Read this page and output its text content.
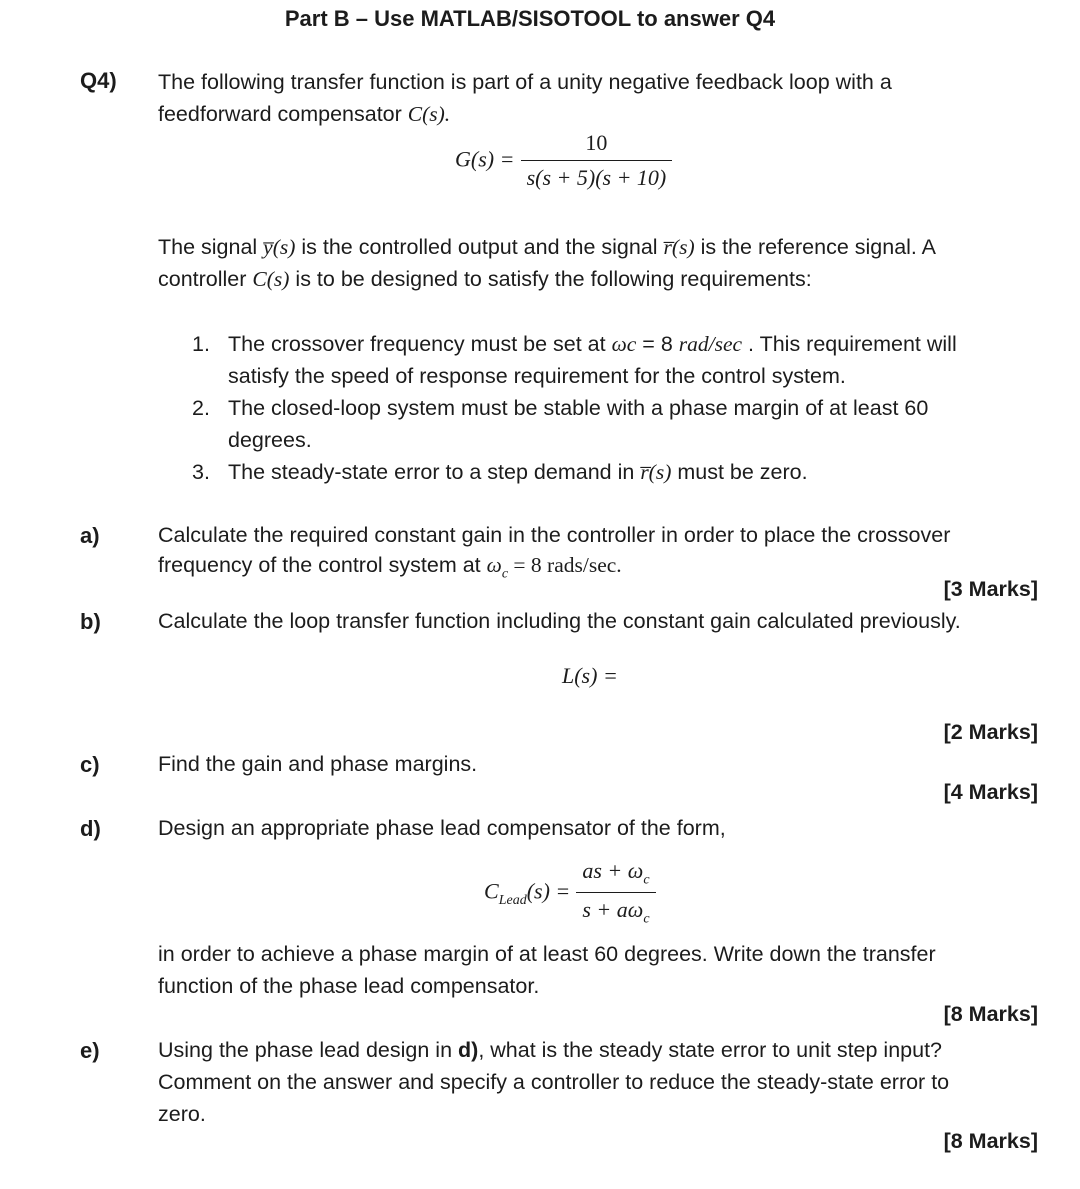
Part B – Use MATLAB/SISOTOOL to answer Q4
Q4) The following transfer function is part of a unity negative feedback loop with a
feedforward compensator C(s).
$G(s) = \frac{10}{s(s + 5)(s + 10)}$
The signal y̅(s) is the controlled output and the signal r̅(s) is the reference signal. A
controller C(s) is to be designed to satisfy the following requirements:
1. The crossover frequency must be set at ωc = 8 rad/sec . This requirement will
satisfy the speed of response requirement for the control system.
2. The closed-loop system must be stable with a phase margin of at least 60
degrees.
3. The steady-state error to a step demand in r̅(s) must be zero.
a)	Calculate the required constant gain in the controller in order to place the crossover
frequency of the control system at $\omega_c = 8$ rads/sec.
[3 Marks]
b)	Calculate the loop transfer function including the constant gain calculated previously.
L(s) =
[2 Marks]
c)	Find the gain and phase margins.
[4 Marks]
d)	Design an appropriate phase lead compensator of the form,
$C_{Lead}(s) = \frac{as + \omega_c}{s + a\omega_c}$
in order to achieve a phase margin of at least 60 degrees. Write down the transfer
function of the phase lead compensator.
[8 Marks]
e)	Using the phase lead design in d), what is the steady state error to unit step input?
Comment on the answer and specify a controller to reduce the steady-state error to
zero.
[8 Marks]
